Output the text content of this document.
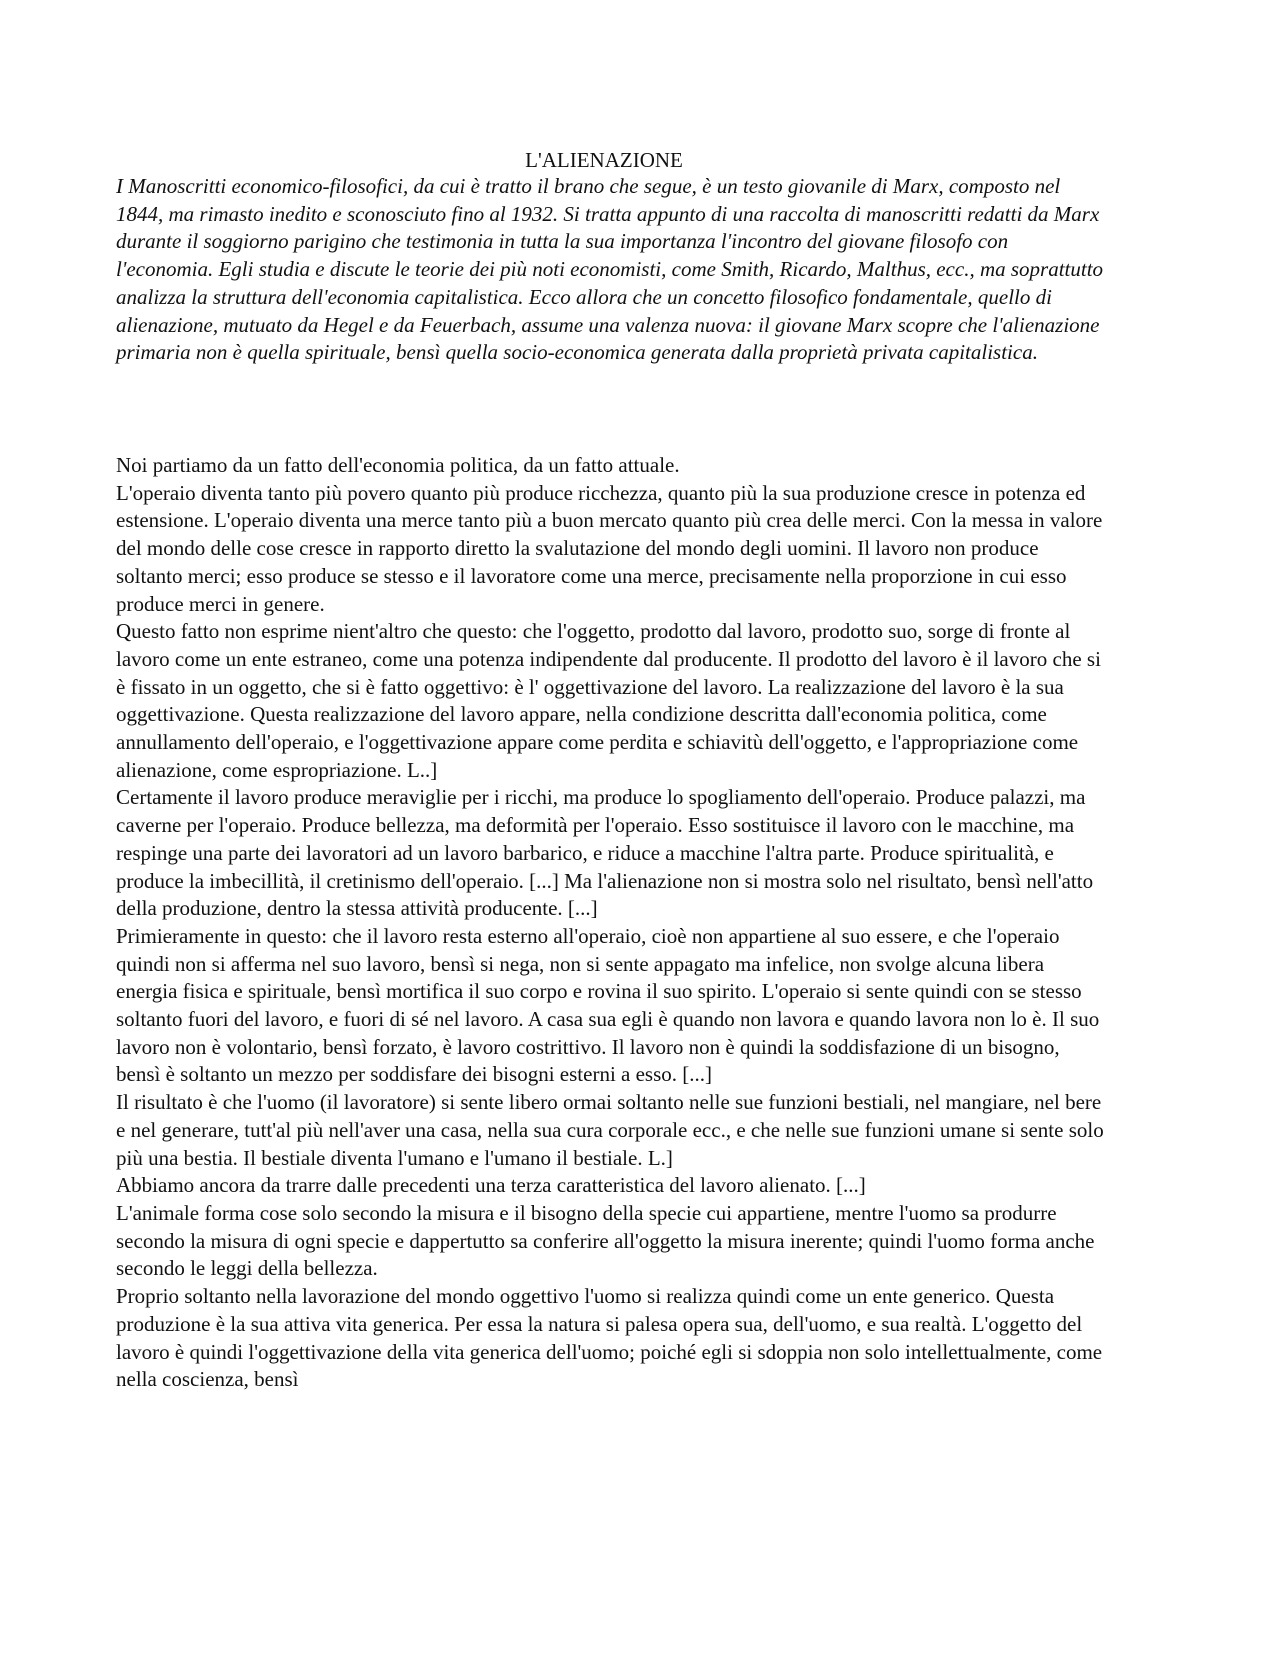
L'ALIENAZIONE

I Manoscritti economico-filosofici, da cui è tratto il brano che segue, è un testo giovanile di Marx, composto nel 1844, ma rimasto inedito e sconosciuto fino al 1932. Si tratta appunto di una raccolta di manoscritti redatti da Marx durante il soggiorno parigino che testimonia in tutta la sua importanza l'incontro del giovane filosofo con l'economia. Egli studia e discute le teorie dei più noti economisti, come Smith, Ricardo, Malthus, ecc., ma soprattutto analizza la struttura dell'economia capitalistica. Ecco allora che un concetto filosofico fondamentale, quello di alienazione, mutuato da Hegel e da Feuerbach, assume una valenza nuova: il giovane Marx scopre che l'alienazione primaria non è quella spirituale, bensì quella socio-economica generata dalla proprietà privata capitalistica.

Noi partiamo da un fatto dell'economia politica, da un fatto attuale.

L'operaio diventa tanto più povero quanto più produce ricchezza, quanto più la sua produzione cresce in potenza ed estensione. L'operaio diventa una merce tanto più a buon mercato quanto più crea delle merci. Con la messa in valore del mondo delle cose cresce in rapporto diretto la svalutazione del mondo degli uomini. Il lavoro non produce soltanto merci; esso produce se stesso e il lavoratore come una merce, precisamente nella proporzione in cui esso produce merci in genere.

Questo fatto non esprime nient'altro che questo: che l'oggetto, prodotto dal lavoro, prodotto suo, sorge di fronte al lavoro come un ente estraneo, come una potenza indipendente dal producente. Il prodotto del lavoro è il lavoro che si è fissato in un oggetto, che si è fatto oggettivo: è l' oggettivazione del lavoro. La realizzazione del lavoro è la sua oggettivazione. Questa realizzazione del lavoro appare, nella condizione descritta dall'economia politica, come annullamento dell'operaio, e l'oggettivazione appare come perdita e schiavitù dell'oggetto, e l'appropriazione come alienazione, come espropriazione. L..]

Certamente il lavoro produce meraviglie per i ricchi, ma produce lo spogliamento dell'operaio. Produce palazzi, ma caverne per l'operaio. Produce bellezza, ma deformità per l'operaio. Esso sostituisce il lavoro con le macchine, ma respinge una parte dei lavoratori ad un lavoro barbarico, e riduce a macchine l'altra parte. Produce spiritualità, e produce la imbecillità, il cretinismo dell'operaio. [...] Ma l'alienazione non si mostra solo nel risultato, bensì nell'atto della produzione, dentro la stessa attività producente. [...]

Primieramente in questo: che il lavoro resta esterno all'operaio, cioè non appartiene al suo essere, e che l'operaio quindi non si afferma nel suo lavoro, bensì si nega, non si sente appagato ma infelice, non svolge alcuna libera energia fisica e spirituale, bensì mortifica il suo corpo e rovina il suo spirito. L'operaio si sente quindi con se stesso soltanto fuori del lavoro, e fuori di sé nel lavoro. A casa sua egli è quando non lavora e quando lavora non lo è. Il suo lavoro non è volontario, bensì forzato, è lavoro costrittivo. Il lavoro non è quindi la soddisfazione di un bisogno, bensì è soltanto un mezzo per soddisfare dei bisogni esterni a esso. [...]

Il risultato è che l'uomo (il lavoratore) si sente libero ormai soltanto nelle sue funzioni bestiali, nel mangiare, nel bere e nel generare, tutt'al più nell'aver una casa, nella sua cura corporale ecc., e che nelle sue funzioni umane si sente solo più una bestia. Il bestiale diventa l'umano e l'umano il bestiale. L.]

Abbiamo ancora da trarre dalle precedenti una terza caratteristica del lavoro alienato. [...]

L'animale forma cose solo secondo la misura e il bisogno della specie cui appartiene, mentre l'uomo sa produrre secondo la misura di ogni specie e dappertutto sa conferire all'oggetto la misura inerente; quindi l'uomo forma anche secondo le leggi della bellezza.

Proprio soltanto nella lavorazione del mondo oggettivo l'uomo si realizza quindi come un ente generico. Questa produzione è la sua attiva vita generica. Per essa la natura si palesa opera sua, dell'uomo, e sua realtà. L'oggetto del lavoro è quindi l'oggettivazione della vita generica dell'uomo; poiché egli si sdoppia non solo intellettualmente, come nella coscienza, bensì
